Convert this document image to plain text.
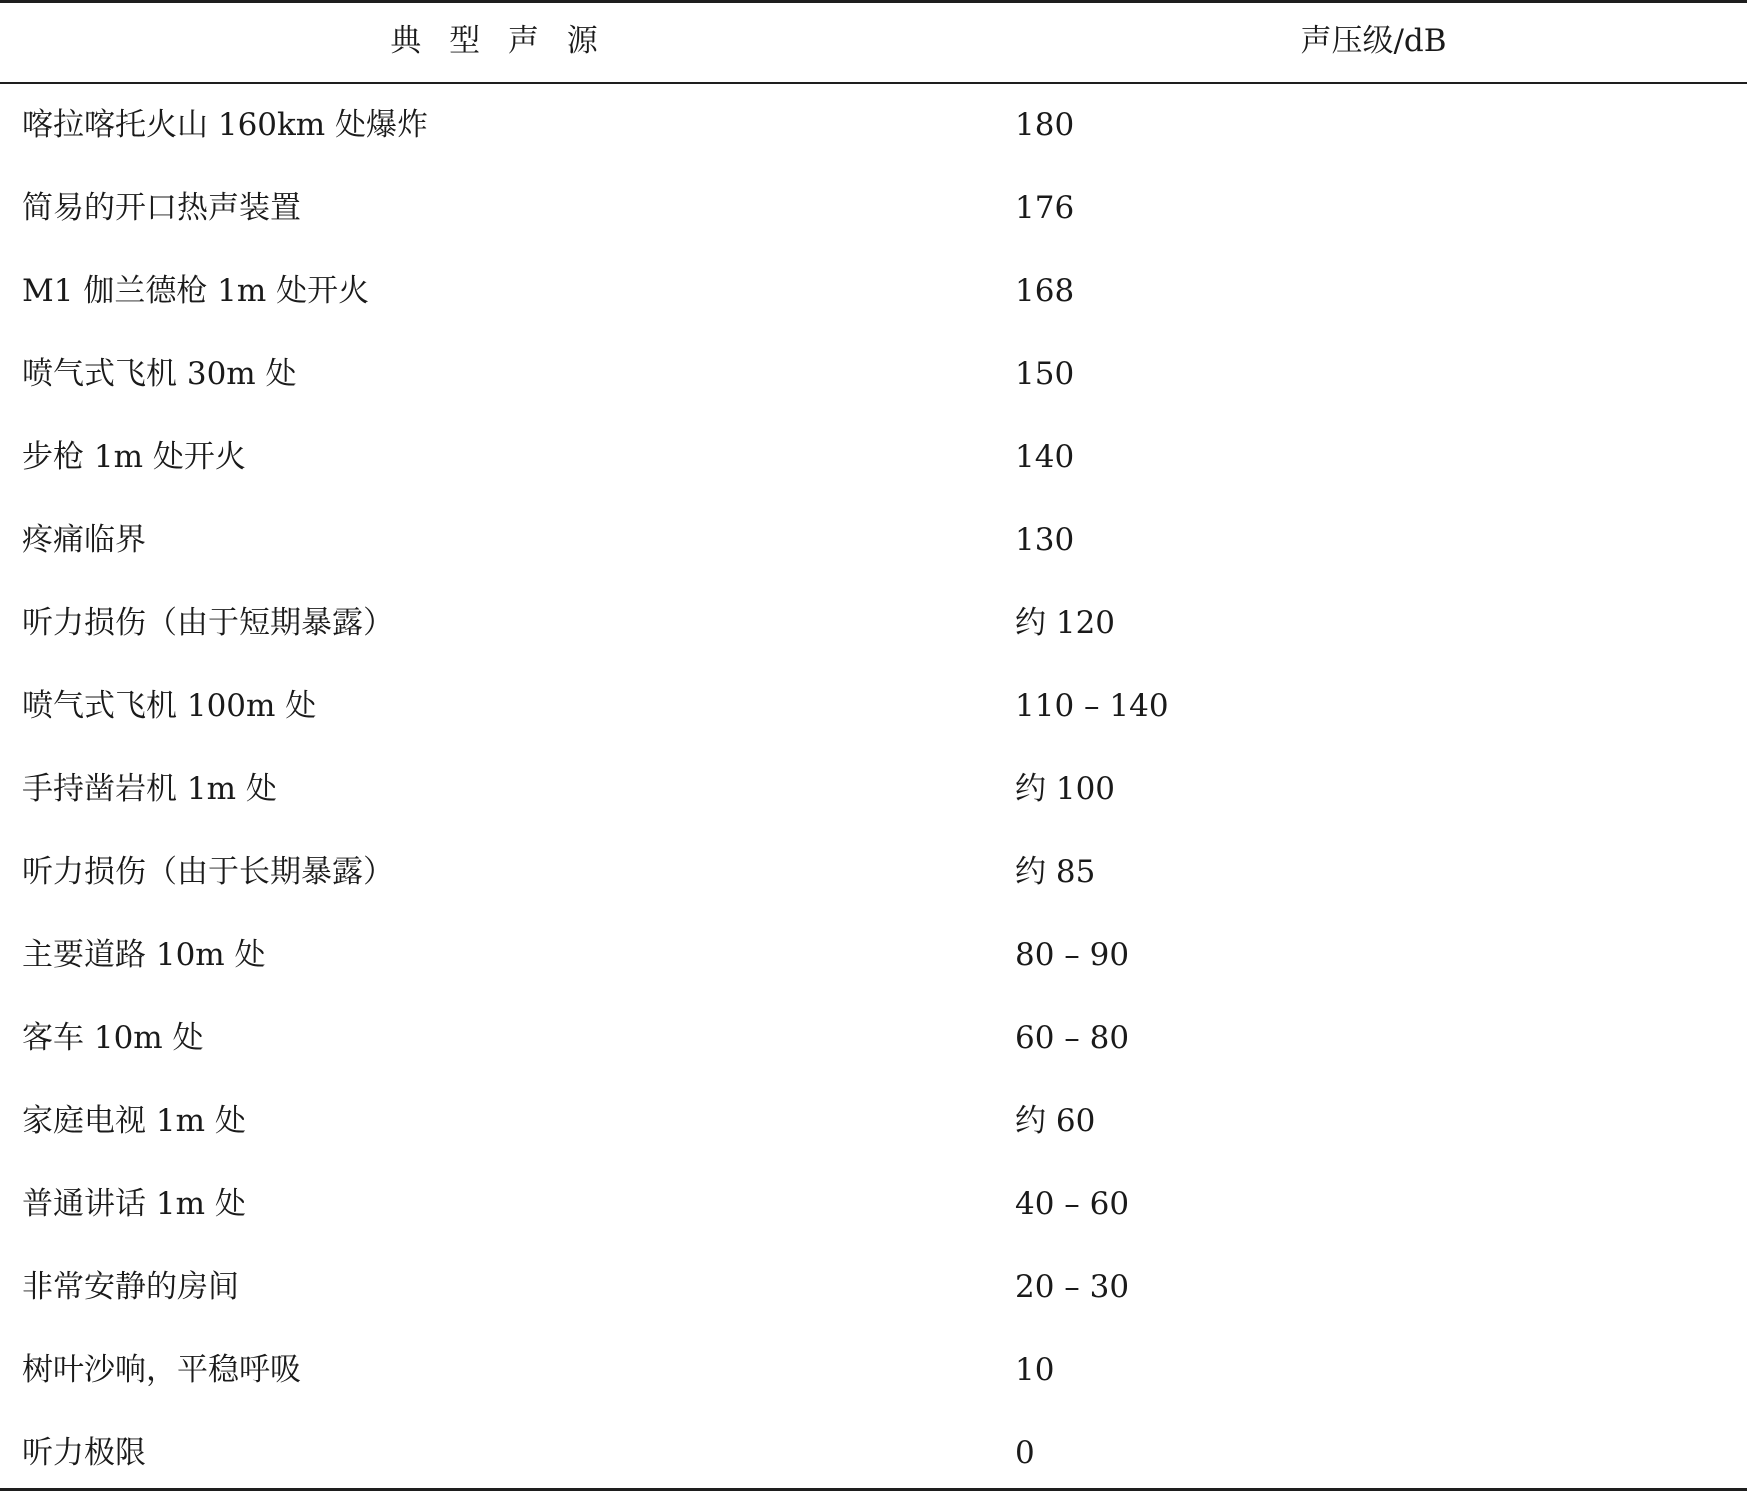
典 型 声 源	声压级/dB
喀拉喀托火山 160km 处爆炸	180
简易的开口热声装置	176
M1 伽兰德枪 1m 处开火	168
喷气式飞机 30m 处	150
步枪 1m 处开火	140
疼痛临界	130
听力损伤（由于短期暴露）	约 120
喷气式飞机 100m 处	110 – 140
手持凿岩机 1m 处	约 100
听力损伤（由于长期暴露）	约 85
主要道路 10m 处	80 – 90
客车 10m 处	60 – 80
家庭电视 1m 处	约 60
普通讲话 1m 处	40 – 60
非常安静的房间	20 – 30
树叶沙响，平稳呼吸	10
听力极限	0
